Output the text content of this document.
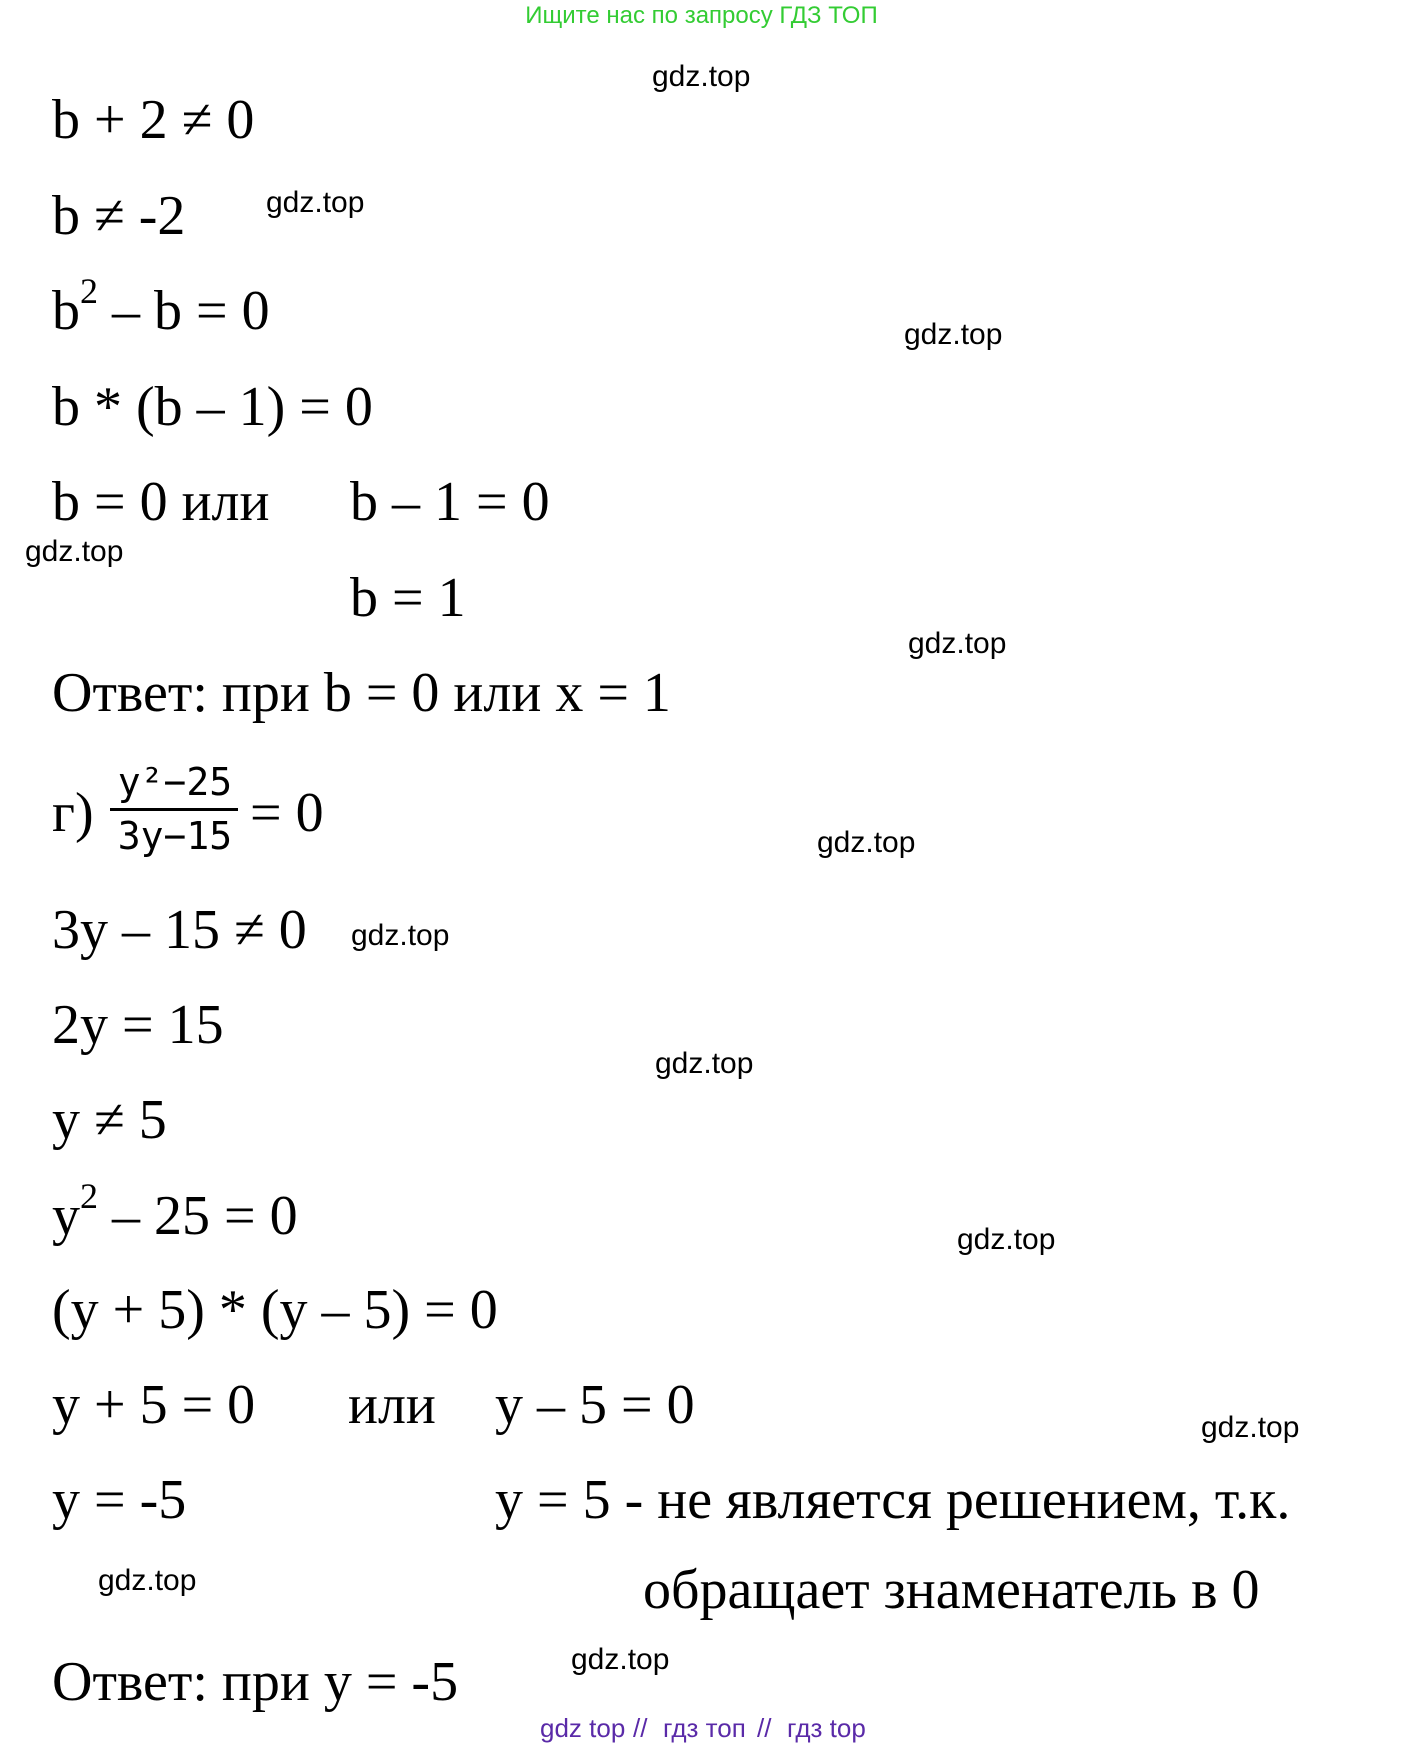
Ищите нас по запросу ГДЗ ТОП
b + 2 ≠ 0
b ≠ -2
$b^2 - b = 0$
b * (b – 1) = 0
b = 0 или b – 1 = 0
b = 1
Ответ: при b = 0 или x = 1
г) y²−25
3y−15 = 0
3y – 15 ≠ 0
2y = 15
y ≠ 5
$y^2 - 25 = 0$
(y + 5) * (y – 5) = 0
y + 5 = 0 или y – 5 = 0
y = -5	y = 5 - не является решением, т.к.
обращает знаменатель в 0
Ответ: при y = -5
gdz.top
gdz.top
gdz.top
gdz.top
gdz.top
gdz.top
gdz.top
gdz.top
gdz.top
gdz.top
gdz.top
gdz.top
gdz top // гдз топ // гдз top
